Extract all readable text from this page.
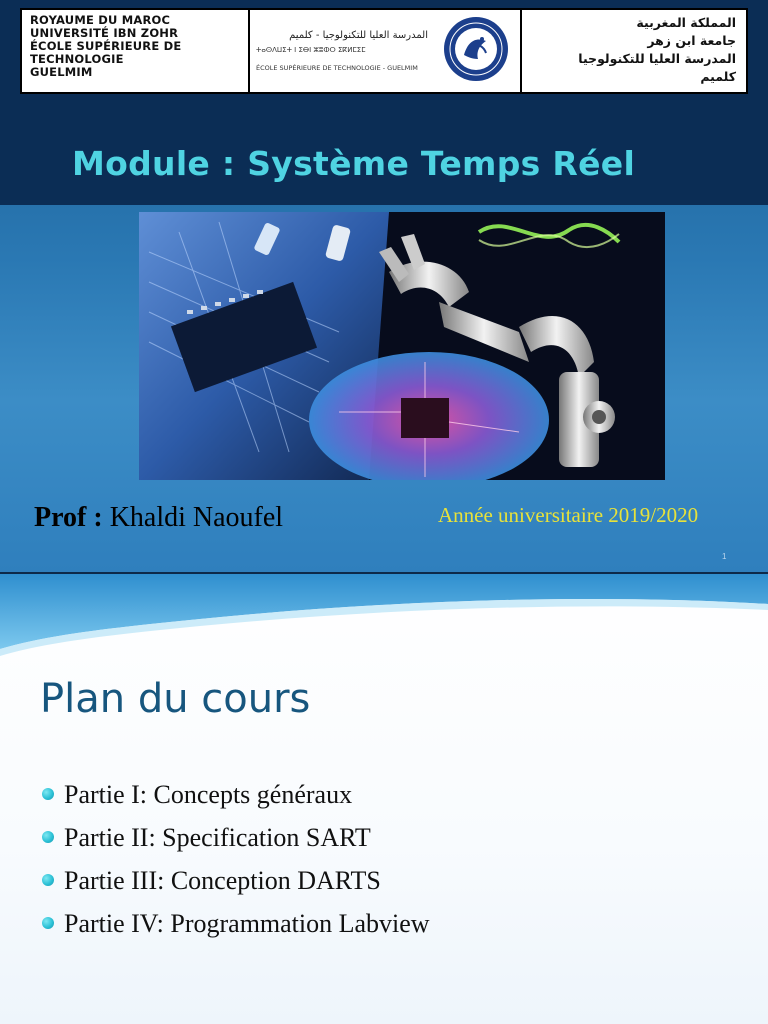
ROYAUME DU MAROC
UNIVERSITÉ IBN ZOHR
ÉCOLE SUPÉRIEURE DE
TECHNOLOGIE
GUELMIM
المدرسة العليا للتكنولوجيا - كلميم
ⵜⴰⵙⴷⵡⵉⵜ ⵏ ⵉⴱⵏ ⵣⵓⵀⵔ ⵉⴽⵍⵎⵉⵎ
ÉCOLE SUPÉRIEURE DE TECHNOLOGIE - GUELMIM
المملكة المغربية
جامعة ابن زهر
المدرسة العليا للتكنولوجيا
كلميم
Module : Système Temps Réel
Prof : Khaldi Naoufel	Année universitaire 2019/2020
1
Plan du cours
Partie I: Concepts généraux
Partie II: Specification SART
Partie III: Conception DARTS
Partie IV: Programmation Labview
